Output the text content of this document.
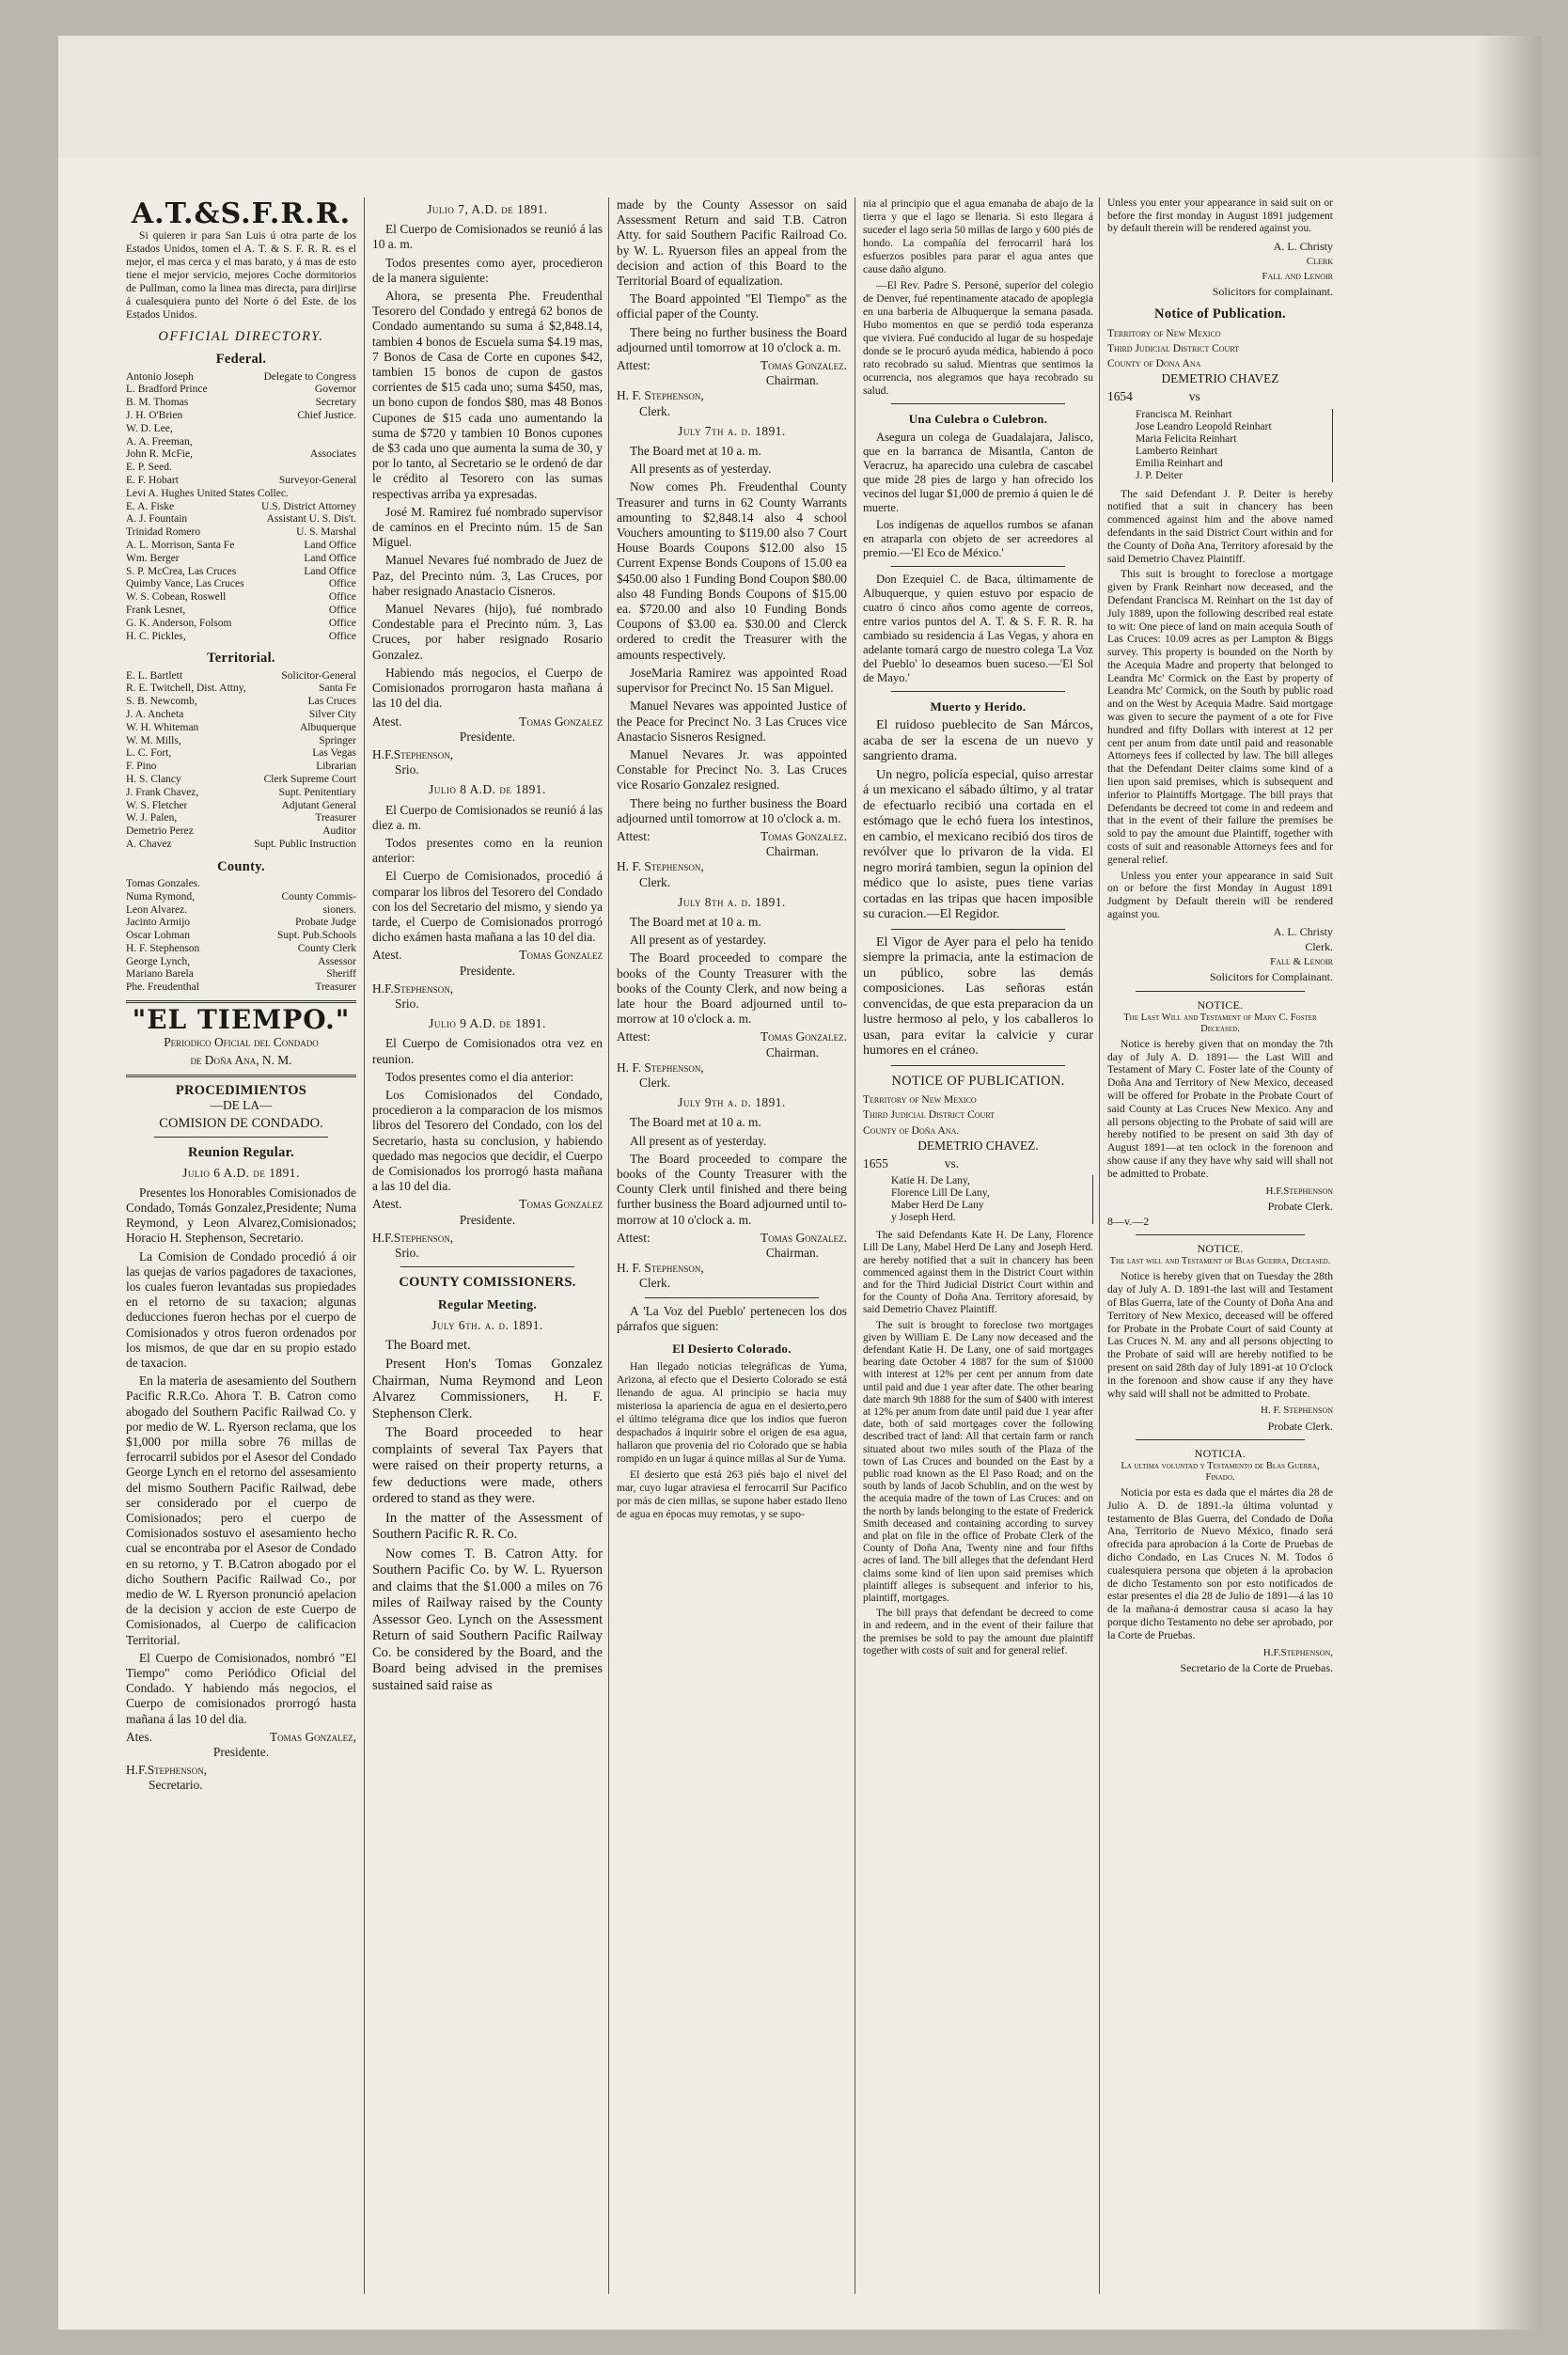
A.T.&S.F.R.R.

Si quieren ir para San Luis ú otra parte de los Estados Unidos, tomen el A. T. & S. F. R. R. es el mejor, el mas cerca y el mas barato, y á mas de esto tiene el mejor servicio, mejores Coche dormitorios de Pullman, como la linea mas directa, para dirijirse á cualesquiera punto del Norte ó del Este. de los Estados Unidos.

OFFICIAL DIRECTORY.
Federal.
Antonio Joseph	Delegate to Congress
L. Bradford Prince	Governor
B. M. Thomas	Secretary
J. H. O'Brien	Chief Justice.
W. D. Lee,
A. A. Freeman,
John R. McFie,	Associates
E. P. Seed.
E. F. Hobart	Surveyor-General
Levi A. Hughes United States Collec.
E. A. Fiske	U.S. District Attorney
A. J. Fountain	Assistant U. S. Dis't.
Trinidad Romero	U. S. Marshal
A. L. Morrison, Santa Fe	Land Office
Wm. Berger	Land Office
S. P. McCrea, Las Cruces	Land Office
Quimby Vance, Las Cruces	Office
W. S. Cobean, Roswell	Office
Frank Lesnet,	Office
G. K. Anderson, Folsom	Office
H. C. Pickles,	Office
Territorial.
E. L. Bartlett	Solicitor-General
R. E. Twitchell, Dist. Attny,	Santa Fe
S. B. Newcomb,	Las Cruces
J. A. Ancheta	Silver City
W. H. Whiteman	Albuquerque
W. M. Mills,	Springer
L. C. Fort,	Las Vegas
F. Pino	Librarian
H. S. Clancy	Clerk Supreme Court
J. Frank Chavez,	Supt. Penitentiary
W. S. Fletcher	Adjutant General
W. J. Palen,	Treasurer
Demetrio Perez	Auditor
A. Chavez	Supt. Public Instruction
County.
Tomas Gonzales.
Numa Rymond,	County Commis-
Leon Alvarez.	sioners.
Jacinto Armijo	Probate Judge
Oscar Lohman	Supt. Pub.Schools
H. F. Stephenson	County Clerk
George Lynch,	Assessor
Mariano Barela	Sheriff
Phe. Freudenthal	Treasurer
"EL TIEMPO."

Periodico Oficial del Condado

de Doña Ana, N. M.

PROCEDIMIENTOS

—DE LA—

COMISION DE CONDADO.

Reunion Regular.

Julio 6 A.D. de 1891.

Presentes los Honorables Comisionados de Condado, Tomás Gonzalez,Presidente; Numa Reymond, y Leon Alvarez,Comisionados; Horacio H. Stephenson, Secretario.

La Comision de Condado procedió á oir las quejas de varios pagadores de taxaciones, los cuales fueron levantadas sus propiedades en el retorno de su taxacion; algunas deducciones fueron hechas por el cuerpo de Comisionados y otros fueron ordenados por los mismos, de que dar en su propio estado de taxacion.

En la materia de asesamiento del Southern Pacific R.R.Co. Ahora T. B. Catron como abogado del Southern Pacific Railwad Co. y por medio de W. L. Ryerson reclama, que los $1,000 por milla sobre 76 millas de ferrocarril subidos por el Asesor del Condado George Lynch en el retorno del assesamiento del mismo Southern Pacific Railwad, debe ser considerado por el cuerpo de Comisionados; pero el cuerpo de Comisionados sostuvo el asesamiento hecho cual se encontraba por el Asesor de Condado en su retorno, y T. B.Catron abogado por el dicho Southern Pacific Railwad Co., por medio de W. L Ryerson pronunció apelacion de la decision y accion de este Cuerpo de Comisionados, al Cuerpo de calificacion Territorial.

El Cuerpo de Comisionados, nombró "El Tiempo" como Periódico Oficial del Condado. Y habiendo más negocios, el Cuerpo de comisionados prorrogó hasta mañana á las 10 del dia.

Ates.	Tomas Gonzalez,

Presidente.

H.F.Stephenson,

Secretario.

Julio 7, A.D. de 1891.

El Cuerpo de Comisionados se reunió á las 10 a. m.

Todos presentes como ayer, procedieron de la manera siguiente:

Ahora, se presenta Phe. Freudenthal Tesorero del Condado y entregá 62 bonos de Condado aumentando su suma á $2,848.14, tambien 4 bonos de Escuela suma $4.19 mas, 7 Bonos de Casa de Corte en cupones $42, tambien 15 bonos de cupon de gastos corrientes de $15 cada uno; suma $450, mas, un bono cupon de fondos $80, mas 48 Bonos Cupones de $15 cada uno aumentando la suma de $720 y tambien 10 Bonos cupones de $3 cada uno que aumenta la suma de 30, y por lo tanto, al Secretario se le ordenó de dar le crédito al Tesorero con las sumas respectivas arriba ya expresadas.

José M. Ramirez fué nombrado supervisor de caminos en el Precinto núm. 15 de San Miguel.

Manuel Nevares fué nombrado de Juez de Paz, del Precinto núm. 3, Las Cruces, por haber resignado Anastacio Cisneros.

Manuel Nevares (hijo), fué nombrado Condestable para el Precinto núm. 3, Las Cruces, por haber resignado Rosario Gonzalez.

Habiendo más negocios, el Cuerpo de Comisionados prorrogaron hasta mañana á las 10 del dia.

Atest.	Tomas Gonzalez

Presidente.

H.F.Stephenson,

Srio.

Julio 8 A.D. de 1891.

El Cuerpo de Comisionados se reunió á las diez a. m.

Todos presentes como en la reunion anterior:

El Cuerpo de Comisionados, procedió á comparar los libros del Tesorero del Condado con los del Secretario del mismo, y siendo ya tarde, el Cuerpo de Comisionados prorrogó dicho exámen hasta mañana a las 10 del dia.

Atest.	Tomas Gonzalez

Presidente.

H.F.Stephenson,

Srio.

Julio 9 A.D. de 1891.

El Cuerpo de Comisionados otra vez en reunion.

Todos presentes como el dia anterior:

Los Comisionados del Condado, procedieron a la comparacion de los mismos libros del Tesorero del Condado, con los del Secretario, hasta su conclusion, y habiendo quedado mas negocios que decidir, el Cuerpo de Comisionados los prorrogó hasta mañana a las 10 del dia.

Atest.	Tomas Gonzalez

Presidente.

H.F.Stephenson,

Srio.

COUNTY COMISSIONERS.
Regular Meeting.

July 6th. a. d. 1891.

The Board met.

Present Hon's Tomas Gonzalez Chairman, Numa Reymond and Leon Alvarez Commissioners, H. F. Stephenson Clerk.

The Board proceeded to hear complaints of several Tax Payers that were raised on their property returns, a few deductions were made, others ordered to stand as they were.

In the matter of the Assessment of Southern Pacific R. R. Co.

Now comes T. B. Catron Atty. for Southern Pacific Co. by W. L. Ryuerson and claims that the $1.000 a miles on 76 miles of Railway raised by the County Assessor Geo. Lynch on the Assessment Return of said Southern Pacific Railway Co. be considered by the Board, and the Board being advised in the premises sustained said raise as

made by the County Assessor on said Assessment Return and said T.B. Catron Atty. for said Southern Pacific Railroad Co. by W. L. Ryuerson files an appeal from the decision and action of this Board to the Territorial Board of equalization.

The Board appointed "El Tiempo" as the official paper of the County.

There being no further business the Board adjourned until tomorrow at 10 o'clock a. m.

Attest:	Tomas Gonzalez.

Chairman.

H. F. Stephenson,

Clerk.

July 7th a. d. 1891.

The Board met at 10 a. m.

All presents as of yesterday.

Now comes Ph. Freudenthal County Treasurer and turns in 62 County Warrants amounting to $2,848.14 also 4 school Vouchers amounting to $119.00 also 7 Court House Boards Coupons $12.00 also 15 Current Expense Bonds Coupons of 15.00 ea $450.00 also 1 Funding Bond Coupon $80.00 also 48 Funding Bonds Coupons of $15.00 ea. $720.00 and also 10 Funding Bonds Coupons of $3.00 ea. $30.00 and Clerck ordered to credit the Treasurer with the amounts respectively.

JoseMaria Ramirez was appointed Road supervisor for Precinct No. 15 San Miguel.

Manuel Nevares was appointed Justice of the Peace for Precinct No. 3 Las Cruces vice Anastacio Sisneros Resigned.

Manuel Nevares Jr. was appointed Constable for Precinct No. 3. Las Cruces vice Rosario Gonzalez resigned.

There being no further business the Board adjourned until tomorrow at 10 o'clock a. m.

Attest:	Tomas Gonzalez.

Chairman.

H. F. Stephenson,

Clerk.

July 8th a. d. 1891.

The Board met at 10 a. m.

All present as of yestardey.

The Board proceeded to compare the books of the County Treasurer with the books of the County Clerk, and now being a late hour the Board adjourned until to-morrow at 10 o'clock a. m.

Attest:	Tomas Gonzalez.

Chairman.

H. F. Stephenson,

Clerk.

July 9th a. d. 1891.

The Board met at 10 a. m.

All present as of yesterday.

The Board proceeded to compare the books of the County Treasurer with the County Clerk until finished and there being further business the Board adjourned until to-morrow at 10 o'clock a. m.

Attest:	Tomas Gonzalez.

Chairman.

H. F. Stephenson,

Clerk.

A 'La Voz del Pueblo' pertenecen los dos párrafos que siguen:

El Desierto Colorado.

Han llegado noticias telegráficas de Yuma, Arizona, al efecto que el Desierto Colorado se está llenando de agua. Al principio se hacia muy misteriosa la apariencia de agua en el desierto,pero el último telégrama dice que los indios que fueron despachados á inquirir sobre el origen de esa agua, hallaron que provenia del rio Colorado que se habia rompido en un lugar á quince millas al Sur de Yuma.

El desierto que está 263 piés bajo el nivel del mar, cuyo lugar atraviesa el ferrocarril Sur Pacifico por más de cien millas, se supone haber estado lleno de agua en épocas muy remotas, y se supo-

nia al principio que el agua emanaba de abajo de la tierra y que el lago se llenaria. Si esto llegara á suceder el lago seria 50 millas de largo y 600 piés de hondo. La compañía del ferrocarril hará los esfuerzos posibles para parar el agua antes que cause daño alguno.

—El Rev. Padre S. Personé, superior del colegio de Denver, fué repentinamente atacado de apoplegia en una barberia de Albuquerque la semana pasada. Hubo momentos en que se perdió toda esperanza que viviera. Fué conducido al lugar de su hospedaje donde se le procuró ayuda médica, habiendo á poco rato recobrado su salud. Mientras que sentimos la ocurrencia, nos alegramos que haya recobrado su salud.

Una Culebra o Culebron.

Asegura un colega de Guadalajara, Jalisco, que en la barranca de Misantla, Canton de Veracruz, ha aparecido una culebra de cascabel que mide 28 pies de largo y han ofrecido los vecinos del lugar $1,000 de premio á quien le dé muerte.

Los indígenas de aquellos rumbos se afanan en atraparla con objeto de ser acreedores al premio.—'El Eco de México.'

Don Ezequiel C. de Baca, últimamente de Albuquerque, y quien estuvo por espacio de cuatro ó cinco años como agente de correos, entre varios puntos del A. T. & S. F. R. R. ha cambiado su residencia á Las Vegas, y ahora en adelante tomará cargo de nuestro colega 'La Voz del Pueblo' lo deseamos buen suceso.—'El Sol de Mayo.'

Muerto y Herido.

El ruidoso pueblecito de San Márcos, acaba de ser la escena de un nuevo y sangriento drama.

Un negro, policía especial, quiso arrestar á un mexicano el sábado último, y al tratar de efectuarlo recibió una cortada en el estómago que le echó fuera los intestinos, en cambio, el mexicano recibió dos tiros de revólver que lo privaron de la vida. El negro morirá tambien, segun la opinion del médico que lo asiste, pues tiene varias cortadas en las tripas que hacen imposible su curacion.—El Regidor.

El Vigor de Ayer para el pelo ha tenido siempre la primacia, ante la estimacion de un público, sobre las demás composiciones. Las señoras están convencidas, de que esta preparacion da un lustre hermoso al pelo, y los caballeros lo usan, para evitar la calvicie y curar humores en el cráneo.

NOTICE OF PUBLICATION.

Territory of New Mexico

Third Judicial District Court

County of Doña Ana.

DEMETRIO CHAVEZ.

1655	vs.
Katie H. De Lany,
Florence Lill De Lany,
Maber Herd De Lany
y Joseph Herd.

The said Defendants Kate H. De Lany, Florence Lill De Lany, Mabel Herd De Lany and Joseph Herd. are hereby notified that a suit in chancery has been commenced against them in the District Court within and for the Third Judicial District Court within and for the County of Doña Ana. Territory aforesaid, by said Demetrio Chavez Plaintiff.

The suit is brought to foreclose two mortgages given by William E. De Lany now deceased and the defendant Katie H. De Lany, one of said mortgages bearing date October 4 1887 for the sum of $1000 with interest at 12% per cent per annum from date until paid and due 1 year after date. The other bearing date march 9th 1888 for the sum of $400 with interest at 12% per anum from date until paid due 1 year after date, both of said mortgages cover the following described tract of land: All that certain farm or ranch situated about two miles south of the Plaza of the town of Las Cruces and bounded on the East by a public road known as the El Paso Road; and on the south by lands of Jacob Schublin, and on the west by the acequia madre of the town of Las Cruces: and on the north by lands belonging to the estate of Frederick Smith deceased and containing according to survey and plat on file in the office of Probate Clerk of the County of Doña Ana, Twenty nine and four fifths acres of land. The bill alleges that the defendant Herd claims some kind of lien upon said premises which plaintiff alleges is subsequent and inferior to his, plaintiff, mortgages.

The bill prays that defendant be decreed to come in and redeem, and in the event of their failure that the premises be sold to pay the amount due plaintiff together with costs of suit and for general relief.

Unless you enter your appearance in said suit on or before the first monday in August 1891 judgement by default therein will be rendered against you.

A. L. Christy

Clerk

Fall and Lenoir

Solicitors for complainant.

Notice of Publication.

Territory of New Mexico

Third Judicial District Court

County of Dona Ana

DEMETRIO CHAVEZ

1654	vs
Francisca M. Reinhart
Jose Leandro Leopold Reinhart
Maria Felicita Reinhart
Lamberto Reinhart
Emilia Reinhart and
J. P. Deiter

The said Defendant J. P. Deiter is hereby notified that a suit in chancery has been commenced against him and the above named defendants in the said District Court within and for the County of Doña Ana, Territory aforesaid by the said Demetrio Chavez Plaintiff.

This suit is brought to foreclose a mortgage given by Frank Reinhart now deceased, and the Defendant Francisca M. Reinhart on the 1st day of July 1889, upon the following described real estate to wit: One piece of land on main acequia South of Las Cruces: 10.09 acres as per Lampton & Biggs survey. This property is bounded on the North by the Acequia Madre and property that belonged to Leandra Mc' Cormick on the East by property of Leandra Mc' Cormick, on the South by public road and on the West by Acequia Madre. Said mortgage was given to secure the payment of a ote for Five hundred and fifty Dollars with interest at 12 per cent per anum from date until paid and reasonable Attorneys fees if collected by law. The bill alleges that the Defendant Deiter claims some kind of a lien upon said premises, which is subsequent and inferior to Plaintiffs Mortgage. The bill prays that Defendants be decreed tot come in and redeem and that in the event of their failure the premises be sold to pay the amount due Plaintiff, together with costs of suit and reasonable Attorneys fees and for general relief.

Unless you enter your appearance in said Suit on or before the first Monday in August 1891 Judgment by Default therein will be rendered against you.

A. L. Christy

Clerk.

Fall & Lenoir

Solicitors for Complainant.

NOTICE.

The Last Will and Testament of Mary C. Foster Deceased.

Notice is hereby given that on monday the 7th day of July A. D. 1891— the Last Will and Testament of Mary C. Foster late of the County of Doña Ana and Territory of New Mexico, deceased will be offered for Probate in the Probate Court of said County at Las Cruces New Mexico. Any and all persons objecting to the Probate of said will are hereby notified to be present on said 3th day of August 1891—at ten oclock in the forenoon and show cause if any they have why said will shall not be admitted to Probate.

H.F.Stephenson

Probate Clerk.

8—v.—2

NOTICE.

The last will and Testament of Blas Guerra, Deceased.

Notice is hereby given that on Tuesday the 28th day of July A. D. 1891-the last will and Testament of Blas Guerra, late of the County of Doña Ana and Territory of New Mexico, deceased will be offered for Probate in the Probate Court of said County at Las Cruces N. M. any and all persons objecting to the Probate of said will are hereby notified to be present on said 28th day of July 1891-at 10 O'clock in the forenoon and show cause if any they have why said will shall not be admitted to Probate.

H. F. Stephenson

Probate Clerk.

NOTICIA.

La ultima voluntad y Testamento de Blas Guerra, Finado.

Noticia por esta es dada que el mártes dia 28 de Julio A. D. de 1891.-la última voluntad y testamento de Blas Guerra, del Condado de Doña Ana, Territorio de Nuevo México, finado será ofrecida para aprobacion á la Corte de Pruebas de dicho Condado, en Las Cruces N. M. Todos ó cualesquiera persona que objeten á la aprobacion de dicho Testamento son por esto notificados de estar presentes el dia 28 de Julio de 1891—á las 10 de la mañana-á demostrar causa si acaso la hay porque dicho Testamento no debe ser aprobado, por la Corte de Pruebas.

H.F.Stephenson,

Secretario de la Corte de Pruebas.
